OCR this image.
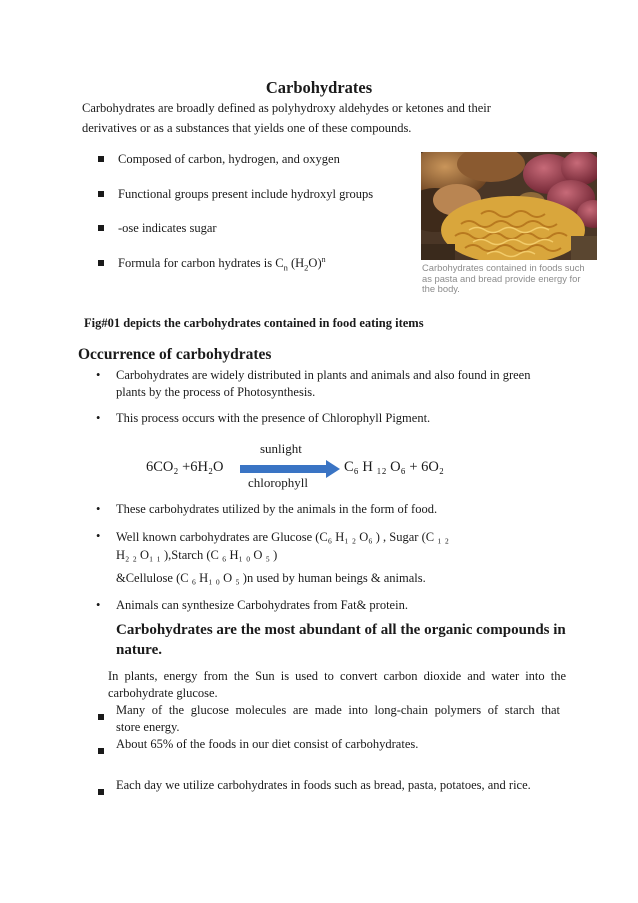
Carbohydrates
Carbohydrates are broadly defined as polyhydroxy aldehydes or ketones and their
derivatives or as a substances that yields one of these compounds.
Composed of carbon, hydrogen, and oxygen
Functional groups present include hydroxyl groups
-ose indicates sugar
Formula for carbon hydrates is $C_n$ $(H_2O)^n$
Carbohydrates contained in foods such
as pasta and bread provide energy for
the body.
Fig#01 depicts the carbohydrates contained in food eating items
Occurrence of carbohydrates
• Carbohydrates are widely distributed in plants and animals and also found in green
plants by the process of Photosynthesis.
• This process occurs with the presence of Chlorophyll Pigment.
sunlight
6CO₂ +6H₂O	C₆ H ₁₂ O₆ + 6O₂
chlorophyll
• These carbohydrates utilized by the animals in the form of food.
• Well known carbohydrates are Glucose (C₆ H₁ ₂ O₆ ) , Sugar (C ₁ ₂
H₂ ₂ O₁ ₁ ),Starch (C ₆ H₁ ₀ O ₅ )
&Cellulose (C ₆ H₁ ₀ O ₅ )n used by human beings & animals.
• Animals can synthesize Carbohydrates from Fat& protein.
Carbohydrates are the most abundant of all the organic compounds in
nature.
In plants, energy from the Sun is used to convert carbon dioxide and water into the
carbohydrate glucose.
Many of the glucose molecules are made into long-chain polymers of starch that
store energy.
About 65% of the foods in our diet consist of carbohydrates.
Each day we utilize carbohydrates in foods such as bread, pasta, potatoes, and rice.
